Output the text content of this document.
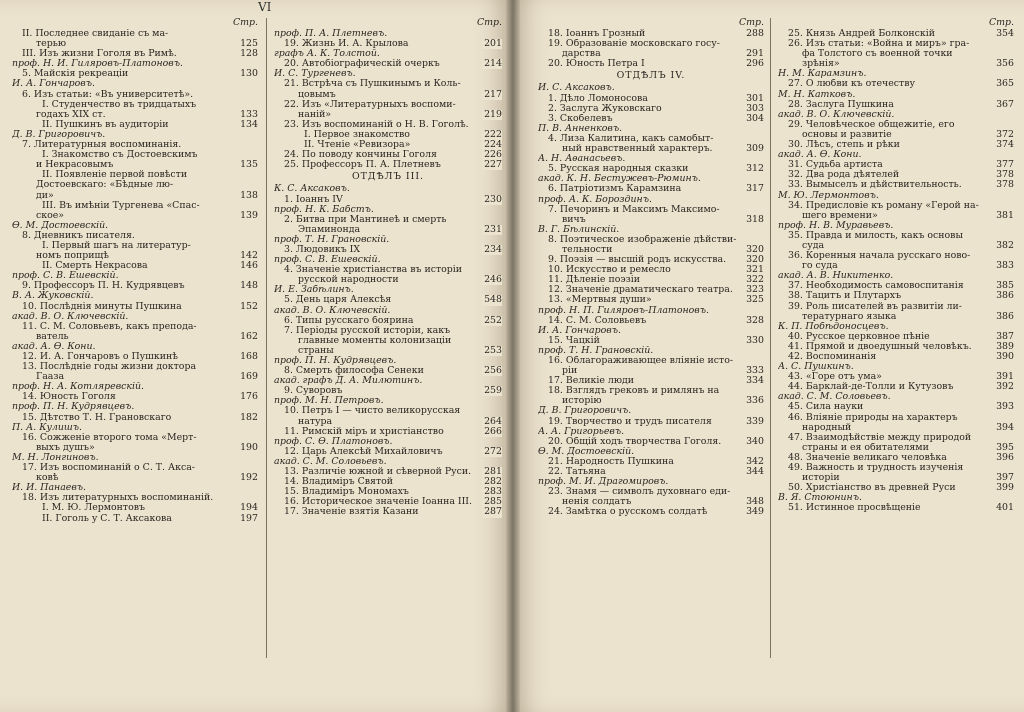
VI
Стр.
II. Последнее свиданіе съ ма-
терью	125
III. Изъ жизни Гоголя въ Римѣ.	128
проф. Н. И. Гиляровъ-Платоновъ.
5. Майскія рекреаціи	130
И. А. Гончаровъ.
6. Изъ статьи: «Въ университетѣ».
I. Студенчество въ тридцатыхъ
годахъ XIX ст.	133
II. Пушкинъ въ аудиторіи	134
Д. В. Григоровичъ.
7. Литературныя воспоминанія.
I. Знакомство съ Достоевскимъ
и Некрасовымъ	135
II. Появленіе первой повѣсти
Достоевскаго: «Бѣдные лю-
ди»	138
III. Въ имѣніи Тургенева «Спас-
ское»	139
Ѳ. М. Достоевскій.
8. Дневникъ писателя.
I. Первый шагъ на литератур-
номъ поприщѣ	142
II. Смерть Некрасова	146
проф. С. В. Ешевскій.
9. Профессоръ П. Н. Кудрявцевъ	148
В. А. Жуковскій.
10. Послѣднія минуты Пушкина	152
акад. В. О. Ключевскій.
11. С. М. Соловьевъ, какъ препода-
ватель	162
акад. А. Ѳ. Кони.
12. И. А. Гончаровъ о Пушкинѣ	168
13. Послѣдніе годы жизни доктора
Гааза	169
проф. Н. А. Котляревскій.
14. Юность Гоголя	176
проф. П. Н. Кудрявцевъ.
15. Дѣтство Т. Н. Грановскаго	182
П. А. Кулишъ.
16. Сожженіе второго тома «Мерт-
выхъ душъ»	190
М. Н. Лонгиновъ.
17. Изъ воспоминаній о С. Т. Акса-
ковѣ	192
И. И. Панаевъ.
18. Изъ литературныхъ воспоминаній.
I. М. Ю. Лермонтовъ	194
II. Гоголь у С. Т. Аксакова	197
Стр.
проф. П. А. Плетневъ.
19. Жизнь И. А. Крылова	201
графъ А. К. Толстой.
20. Автобіографическій очеркъ	214
И. С. Тургеневъ.
21. Встрѣча съ Пушкинымъ и Коль-
цовымъ	217
22. Изъ «Литературныхъ воспоми-
наній»	219
23. Изъ воспоминаній о Н. В. Гоголѣ.
I. Первое знакомство	222
II. Чтеніе «Ревизора»	224
24. По поводу кончины Гоголя	226
25. Профессоръ П. А. Плетневъ	227
ОТДѢЛЪ III.
К. С. Аксаковъ.
1. Іоаннъ IV	230
проф. Н. К. Бабстъ.
2. Битва при Мантинеѣ и смерть
Эпаминонда	231
проф. Т. Н. Грановскій.
3. Людовикъ IX	234
проф. С. В. Ешевскій.
4. Значеніе христіанства въ исторіи
русской народности	246
И. Е. Забѣлинъ.
5. День царя Алексѣя	548
акад. В. О. Ключевскій.
6. Типы русскаго боярина	252
7. Періоды русской исторіи, какъ
главные моменты колонизаціи
страны	253
проф. П. Н. Кудрявцевъ.
8. Смерть философа Сенеки	256
акад. графъ Д. А. Милютинъ.
9. Суворовъ	259
проф. М. Н. Петровъ.
10. Петръ I — чисто великорусская
натура	264
11. Римскій міръ и христіанство	266
проф. С. Ѳ. Платоновъ.
12. Царь Алексѣй Михайловичъ	272
акад. С. М. Соловьевъ.
13. Различіе южной и сѣверной Руси. 281
14. Владиміръ Святой	282
15. Владиміръ Мономахъ	283
16. Историческое значеніе Іоанна III. 285
17. Значеніе взятія Казани	287
Стр.
18. Іоаннъ Грозный	288
19. Образованіе московскаго госу-
дарства	291
20. Юность Петра I	296
ОТДѢЛЪ IV.
И. С. Аксаковъ.
1. Дѣло Ломоносова	301
2. Заслуга Жуковскаго	303
3. Скобелевъ	304
П. В. Анненковъ.
4. Лиза Калитина, какъ самобыт-
ный нравственный характеръ.	309
А. Н. Аѳанасьевъ.
5. Русская народныя сказки	312
акад. К. Н. Бестужевъ-Рюминъ.
6. Патріотизмъ Карамзина	317
проф. А. К. Бороздинъ.
7. Печоринъ и Максимъ Максимо-
вичъ	318
В. Г. Бѣлинскій.
8. Поэтическое изображеніе дѣйстви-
тельности	320
9. Поэзія — высшій родъ искусства. 320
10. Искусство и ремесло	321
11. Дѣленіе поэзіи	322
12. Значеніе драматическаго театра. 323
13. «Мертвыя души»	325
проф. Н. П. Гиляровъ-Платоновъ.
14. С. М. Соловьевъ	328
И. А. Гончаровъ.
15. Чацкій	330
проф. Т. Н. Грановскій.
16. Облагораживающее вліяніе исто-
ріи	333
17. Великіе люди	334
18. Взглядъ грековъ и римлянъ на
исторію	336
Д. В. Григоровичъ.
19. Творчество и трудъ писателя	339
А. А. Григорьевъ.
20. Общій ходъ творчества Гоголя.	340
Ѳ. М. Достоевскій.
21. Народность Пушкина	342
22. Татьяна	344
проф. М. И. Драгомировъ.
23. Знамя — символъ духовнаго еди-
ненія солдатъ	348
24. Замѣтка о русскомъ солдатѣ	349
Стр.
25. Князь Андрей Болконскій	354
26. Изъ статьи: «Война и миръ» гра-
фа Толстого съ военной точки
зрѣнія»	356
Н. М. Карамзинъ.
27. О любви къ отечеству	365
М. Н. Катковъ.
28. Заслуга Пушкина	367
акад. В. О. Ключевскій.
29. Человѣческое общежитіе, его
основы и развитіе	372
30. Лѣсъ, степь и рѣки	374
акад. А. Ѳ. Кони.
31. Судьба артиста	377
32. Два рода дѣятелей	378
33. Вымыселъ и дѣйствительность.	378
М. Ю. Лермонтовъ.
34. Предисловіе къ роману «Герой на-
шего времени»	381
проф. Н. В. Муравьевъ.
35. Правда и милость, какъ основы
суда	382
36. Коренныя начала русскаго ново-
го суда	383
акад. А. В. Никитенко.
37. Необходимость самовоспитанія	385
38. Тацитъ и Плутархъ	386
39. Роль писателей въ развитіи ли-
тературнаго языка	386
К. П. Побѣдоносцевъ.
40. Русское церковное пѣніе	387
41. Прямой и двоедушный человѣкъ.	389
42. Воспоминанія	390
А. С. Пушкинъ.
43. «Горе отъ ума»	391
44. Барклай-де-Толли и Кутузовъ	392
акад. С. М. Соловьевъ.
45. Сила науки	393
46. Вліяніе природы на характеръ
народный	394
47. Взаимодѣйствіе между природой
страны и ея обитателями	395
48. Значеніе великаго человѣка	396
49. Важность и трудность изученія
исторіи	397
50. Христіанство въ древней Руси	399
В. Я. Стоюнинъ.
51. Истинное просвѣщеніе	401
